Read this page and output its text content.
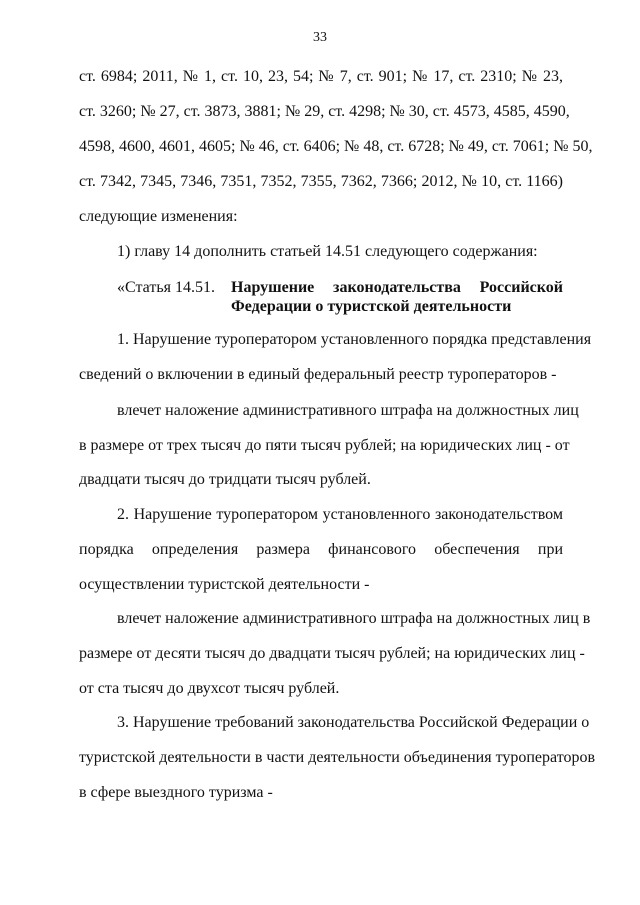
33
ст. 6984; 2011, № 1, ст. 10, 23, 54; № 7, ст. 901; № 17, ст. 2310; № 23,
ст. 3260; № 27, ст. 3873, 3881; № 29, ст. 4298; № 30, ст. 4573, 4585, 4590,
4598, 4600, 4601, 4605; № 46, ст. 6406; № 48, ст. 6728; № 49, ст. 7061; № 50,
ст. 7342, 7345, 7346, 7351, 7352, 7355, 7362, 7366; 2012, № 10, ст. 1166)
следующие изменения:
1) главу 14 дополнить статьей 14.51 следующего содержания:
«Статья 14.51. Нарушение законодательства Российской
Федерации о туристской деятельности
1. Нарушение туроператором установленного порядка представления
сведений о включении в единый федеральный реестр туроператоров -
влечет наложение административного штрафа на должностных лиц
в размере от трех тысяч до пяти тысяч рублей; на юридических лиц - от
двадцати тысяч до тридцати тысяч рублей.
2. Нарушение туроператором установленного законодательством
порядка определения размера финансового обеспечения при
осуществлении туристской деятельности -
влечет наложение административного штрафа на должностных лиц в
размере от десяти тысяч до двадцати тысяч рублей; на юридических лиц -
от ста тысяч до двухсот тысяч рублей.
3. Нарушение требований законодательства Российской Федерации о
туристской деятельности в части деятельности объединения туроператоров
в сфере выездного туризма -
